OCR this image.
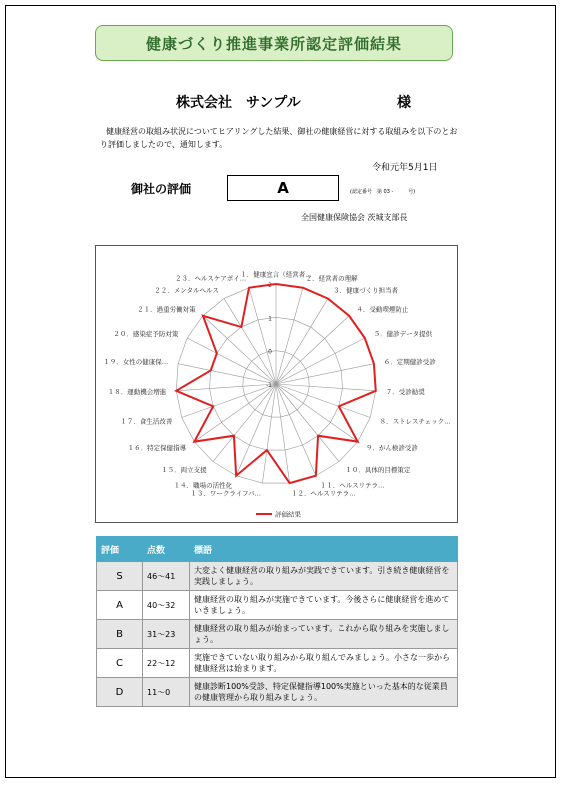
健康づくり推進事業所認定評価結果
株式会社　サンプル	様
健康経営の取組み状況についてヒアリングした結果、御社の健康経営に対する取組みを以下のとおり評価しましたので、通知します。
令和元年5月1日
御社の評価	A	(認定番号　第 03 -　　　号)
全国健康保険協会 茨城支部長
-1
0
1
2
１．健康宣言（経営者…
２．経営者の理解
３．健康づくり担当者
４．受動喫煙防止
５．健診データ提供
６．定期健診受診
７．受診勧奨
８．ストレスチェック…
９．がん検診受診
１０．具体的目標策定
１１．ヘルスリテラ…
１２．ヘルスリテラ…
１３．ワークライフバ…
１４．職場の活性化
１５．両立支援
１６．特定保健指導
１７．食生活改善
１８．運動機会増進
１９．女性の健康保…
２０．感染症予防対策
２１．過重労働対策
２２．メンタルヘルス
２３．ヘルスケアポイ…
評価結果
評価	点数	標語
S	46〜41	大変よく健康経営の取り組みが実践できています。引き続き健康経営を実践しましょう。
A	40〜32	健康経営の取り組みが実施できています。今後さらに健康経営を進めていきましょう。
B	31〜23	健康経営の取り組みが始まっています。これから取り組みを実施しましょう。
C	22〜12	実施できていない取り組みから取り組んでみましょう。小さな一歩から健康経営は始まります。
D	11〜0	健康診断100%受診、特定保健指導100%実施といった基本的な従業員の健康管理から取り組みましょう。
